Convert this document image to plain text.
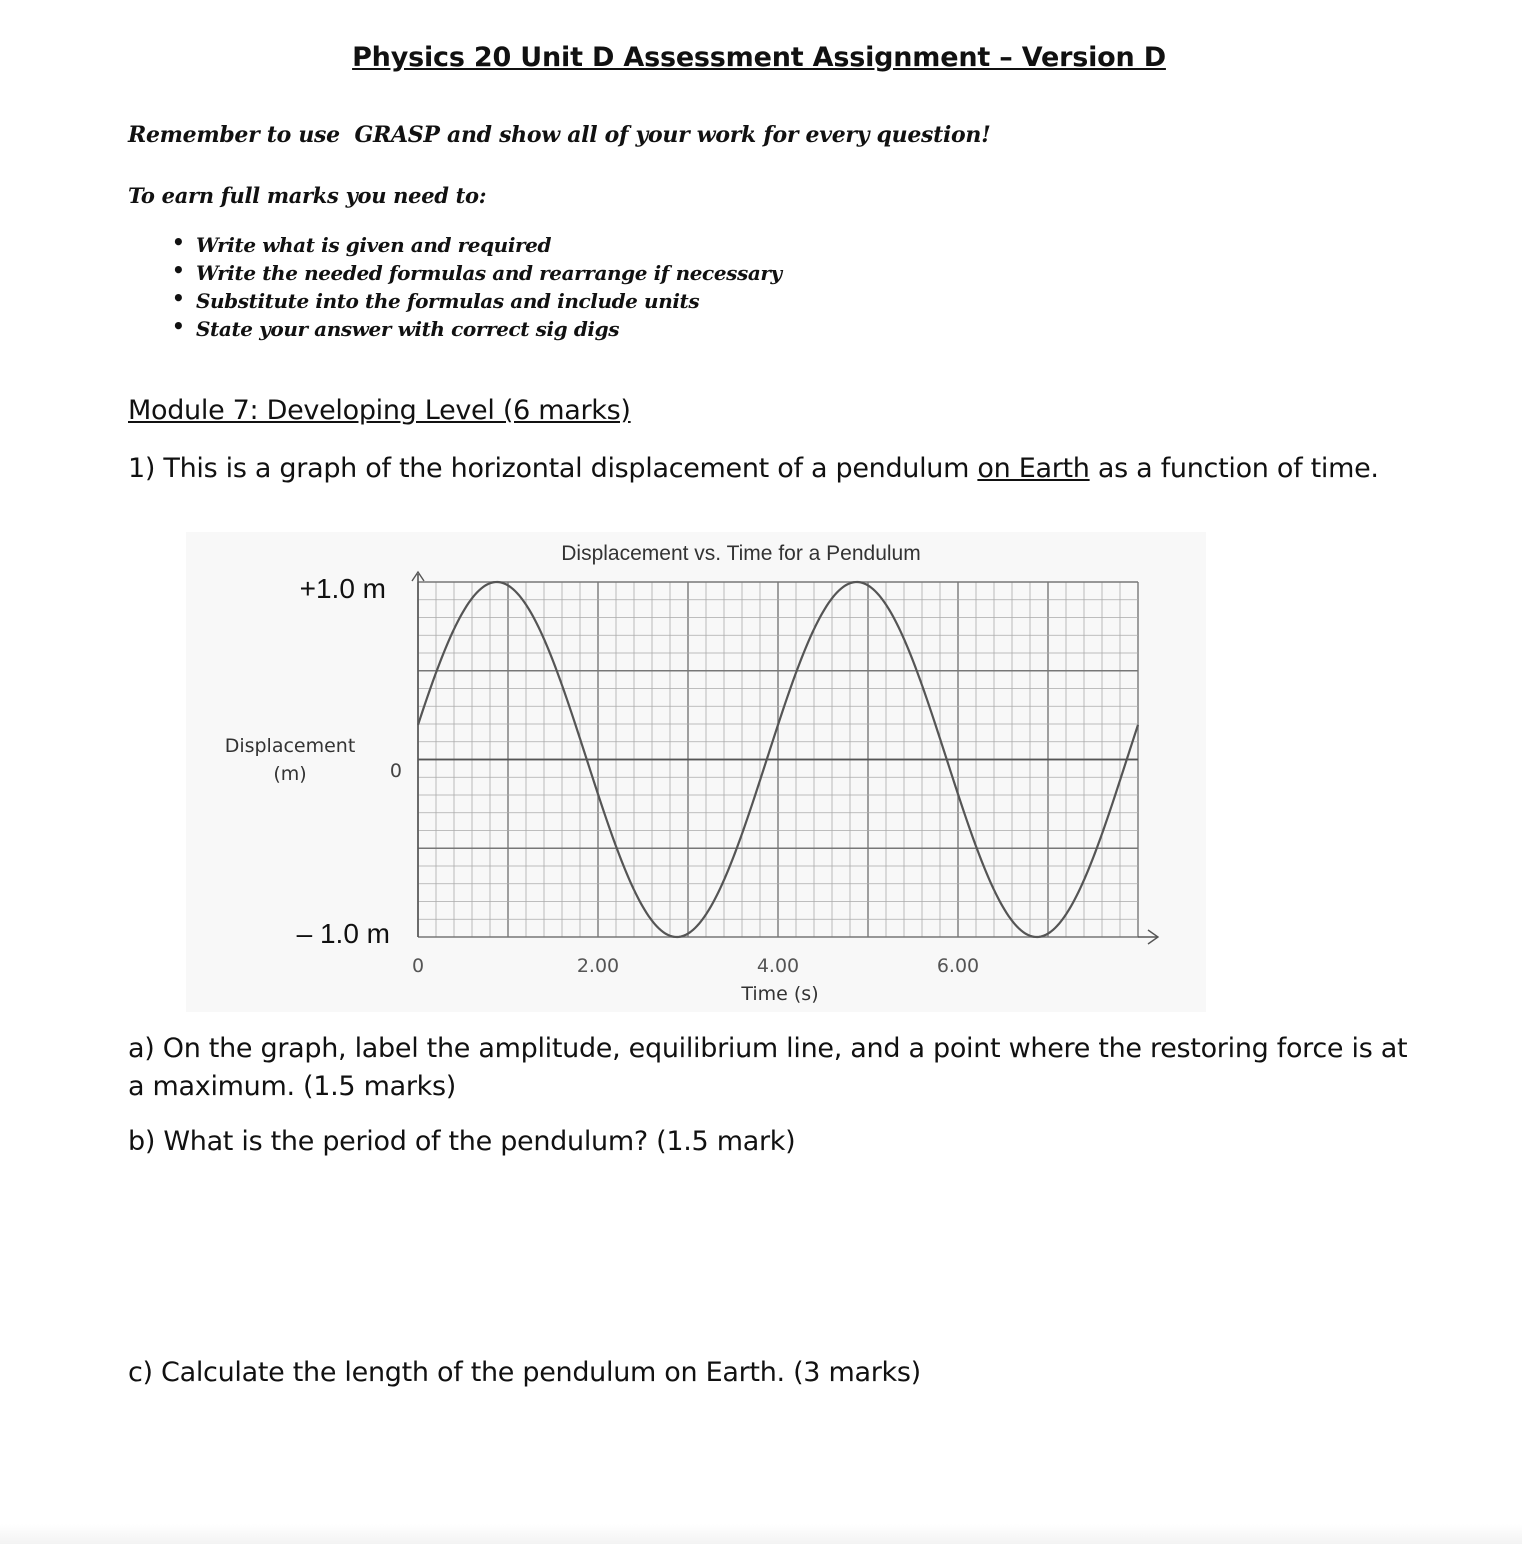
Physics 20 Unit D Assessment Assignment – Version D
Remember to use  GRASP and show all of your work for every question!
To earn full marks you need to:
• Write what is given and required
• Write the needed formulas and rearrange if necessary
• Substitute into the formulas and include units
• State your answer with correct sig digs
Module 7: Developing Level (6 marks)
1) This is a graph of the horizontal displacement of a pendulum on Earth as a function of time.
Displacement vs. Time for a Pendulum
+1.0 m
0
– 1.0 m
Displacement
(m)
0	2.00	4.00	6.00
Time (s)
a) On the graph, label the amplitude, equilibrium line, and a point where the restoring force is at a maximum. (1.5 marks)
b) What is the period of the pendulum? (1.5 mark)
c) Calculate the length of the pendulum on Earth. (3 marks)
